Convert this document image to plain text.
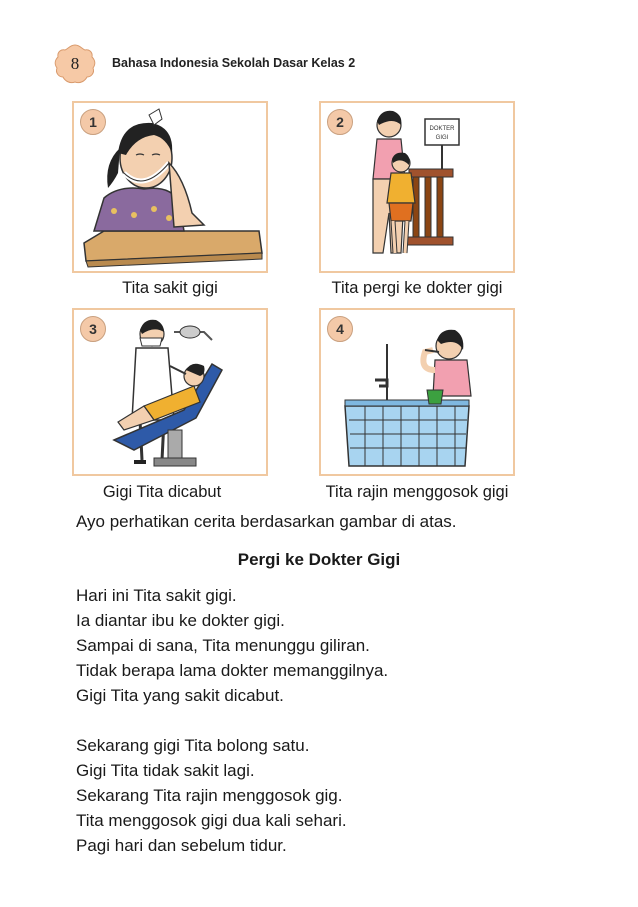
8	Bahasa Indonesia Sekolah Dasar Kelas 2
1
Tita sakit gigi
DOKTER
GIGI
2
Tita pergi ke dokter gigi
3
Gigi Tita dicabut
4
Tita rajin menggosok gigi
Ayo perhatikan cerita berdasarkan gambar di atas.
Pergi ke Dokter Gigi
Hari ini Tita sakit gigi.
Ia diantar ibu ke dokter gigi.
Sampai di sana, Tita menunggu giliran.
Tidak berapa lama dokter memanggilnya.
Gigi Tita yang sakit dicabut.
Sekarang gigi Tita bolong satu.
Gigi Tita tidak sakit lagi.
Sekarang Tita rajin menggosok gig.
Tita menggosok gigi dua kali sehari.
Pagi hari dan sebelum tidur.
